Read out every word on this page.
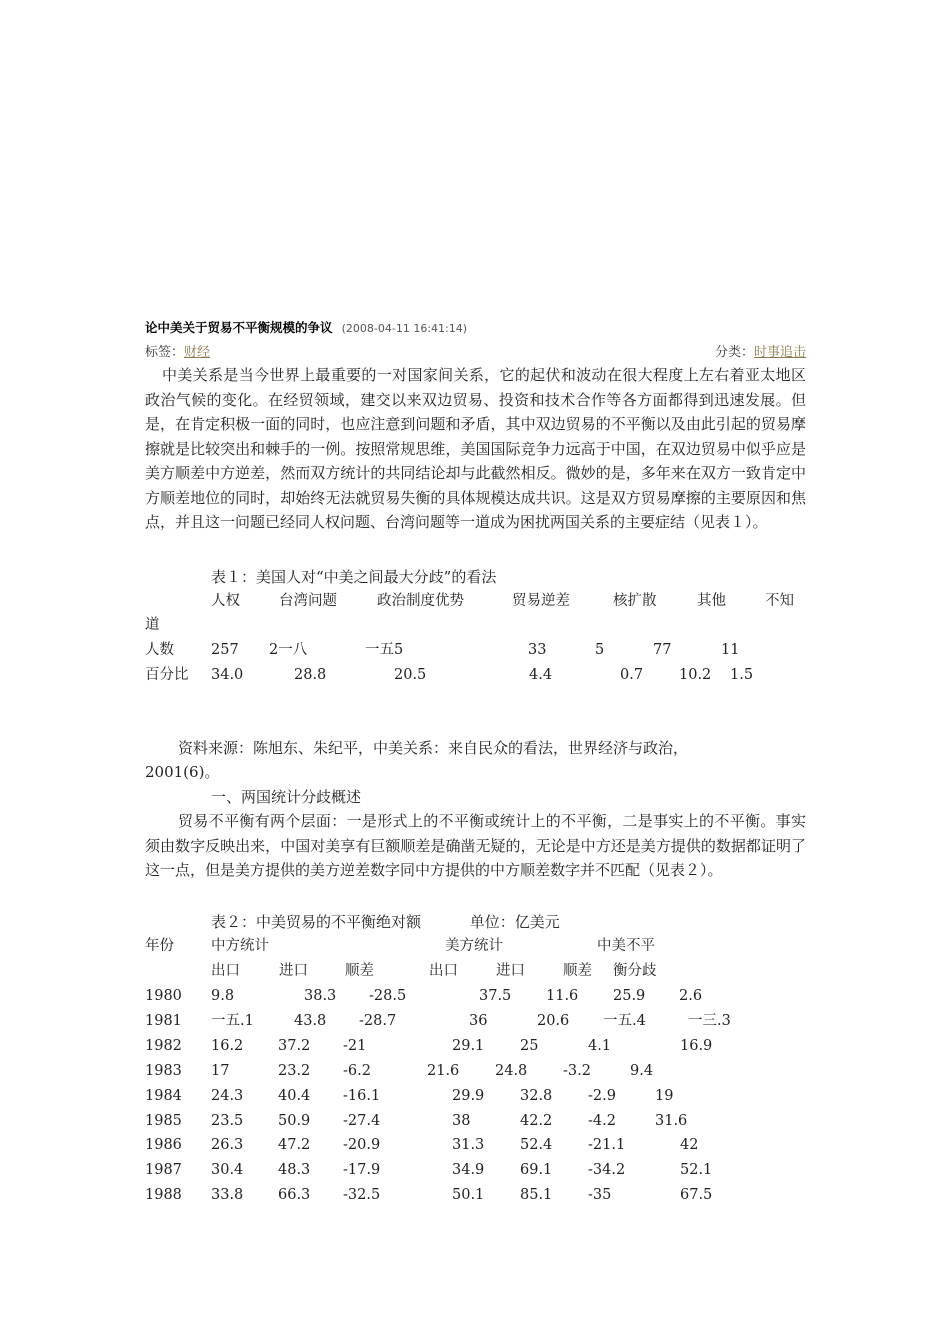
论中美关于贸易不平衡规模的争议 (2008-04-11 16:41:14)
标签：财经	分类：时事追击
中美关系是当今世界上最重要的一对国家间关系，它的起伏和波动在很大程度上左右着亚太地区政治气候的变化。在经贸领域，建交以来双边贸易、投资和技术合作等各方面都得到迅速发展。但是，在肯定积极一面的同时，也应注意到问题和矛盾，其中双边贸易的不平衡以及由此引起的贸易摩擦就是比较突出和棘手的一例。按照常规思维，美国国际竞争力远高于中国，在双边贸易中似乎应是美方顺差中方逆差，然而双方统计的共同结论却与此截然相反。微妙的是，多年来在双方一致肯定中方顺差地位的同时，却始终无法就贸易失衡的具体规模达成共识。这是双方贸易摩擦的主要原因和焦点，并且这一问题已经同人权问题、台湾问题等一道成为困扰两国关系的主要症结（见表１）。
表１：美国人对“中美之间最大分歧”的看法
人权	台湾问题	政治制度优势	贸易逆差	核扩散	其他	不知
道
人数	257 2一八	一五5	33	5	77	11
百分比 34.0	28.8	20.5	4.4	0.7 10.2 1.5
资料来源：陈旭东、朱纪平，中美关系：来自民众的看法，世界经济与政治，
2001(6)。
一、两国统计分歧概述
贸易不平衡有两个层面：一是形式上的不平衡或统计上的不平衡，二是事实上的不平衡。事实须由数字反映出来，中国对美享有巨额顺差是确凿无疑的，无论是中方还是美方提供的数据都证明了这一点，但是美方提供的美方逆差数字同中方提供的中方顺差数字并不匹配（见表２）。
表２：中美贸易的不平衡绝对额	单位：亿美元
年份	中方统计	美方统计	中美不平
出口	进口	顺差	出口	进口	顺差 衡分歧
1980 9.8	38.3 -28.5	37.5 11.6 25.9 2.6
1981 一五.1	43.8 -28.7	36	20.6 一五.4	一三.3
1982 16.2 37.2 -21	29.1 25	4.1	16.9
1983 17	23.2 -6.2	21.6 24.8 -3.2	9.4
1984 24.3 40.4 -16.1	29.9 32.8 -2.9	19
1985 23.5 50.9 -27.4	38	42.2 -4.2	31.6
1986 26.3 47.2 -20.9	31.3 52.4 -21.1	42
1987 30.4 48.3 -17.9	34.9 69.1 -34.2	52.1
1988 33.8 66.3 -32.5	50.1 85.1 -35	67.5
